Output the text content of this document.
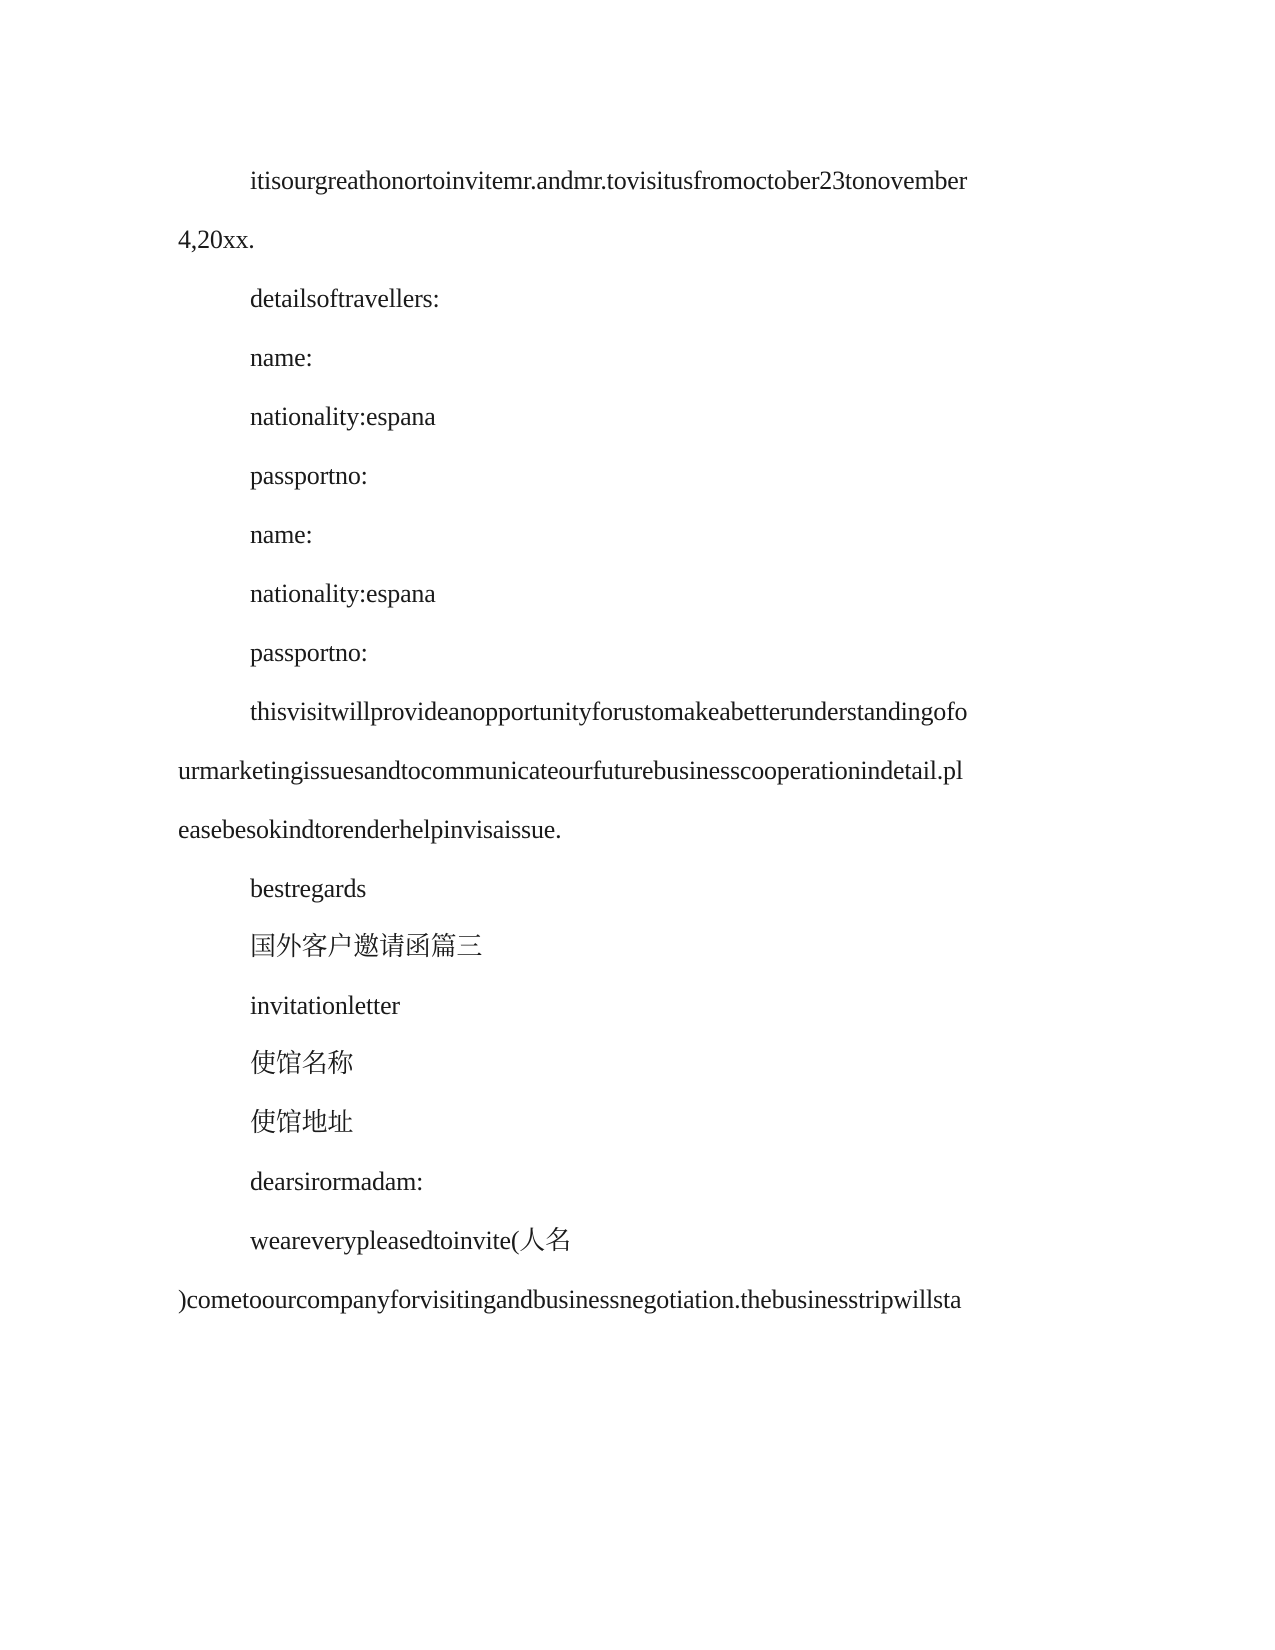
itisourgreathonortoinvitemr.andmr.tovisitusfromoctober23tonovember
4,20xx.
detailsoftravellers:
name:
nationality:espana
passportno:
name:
nationality:espana
passportno:
thisvisitwillprovideanopportunityforustomakeabetterunderstandingofo
urmarketingissuesandtocommunicateourfuturebusinesscooperationindetail.pl
easebesokindtorenderhelpinvisaissue.
bestregards
国外客户邀请函篇三
invitationletter
使馆名称
使馆地址
dearsirormadam:
weareverypleasedtoinvite(人名
)cometoourcompanyforvisitingandbusinessnegotiation.thebusinesstripwillsta
